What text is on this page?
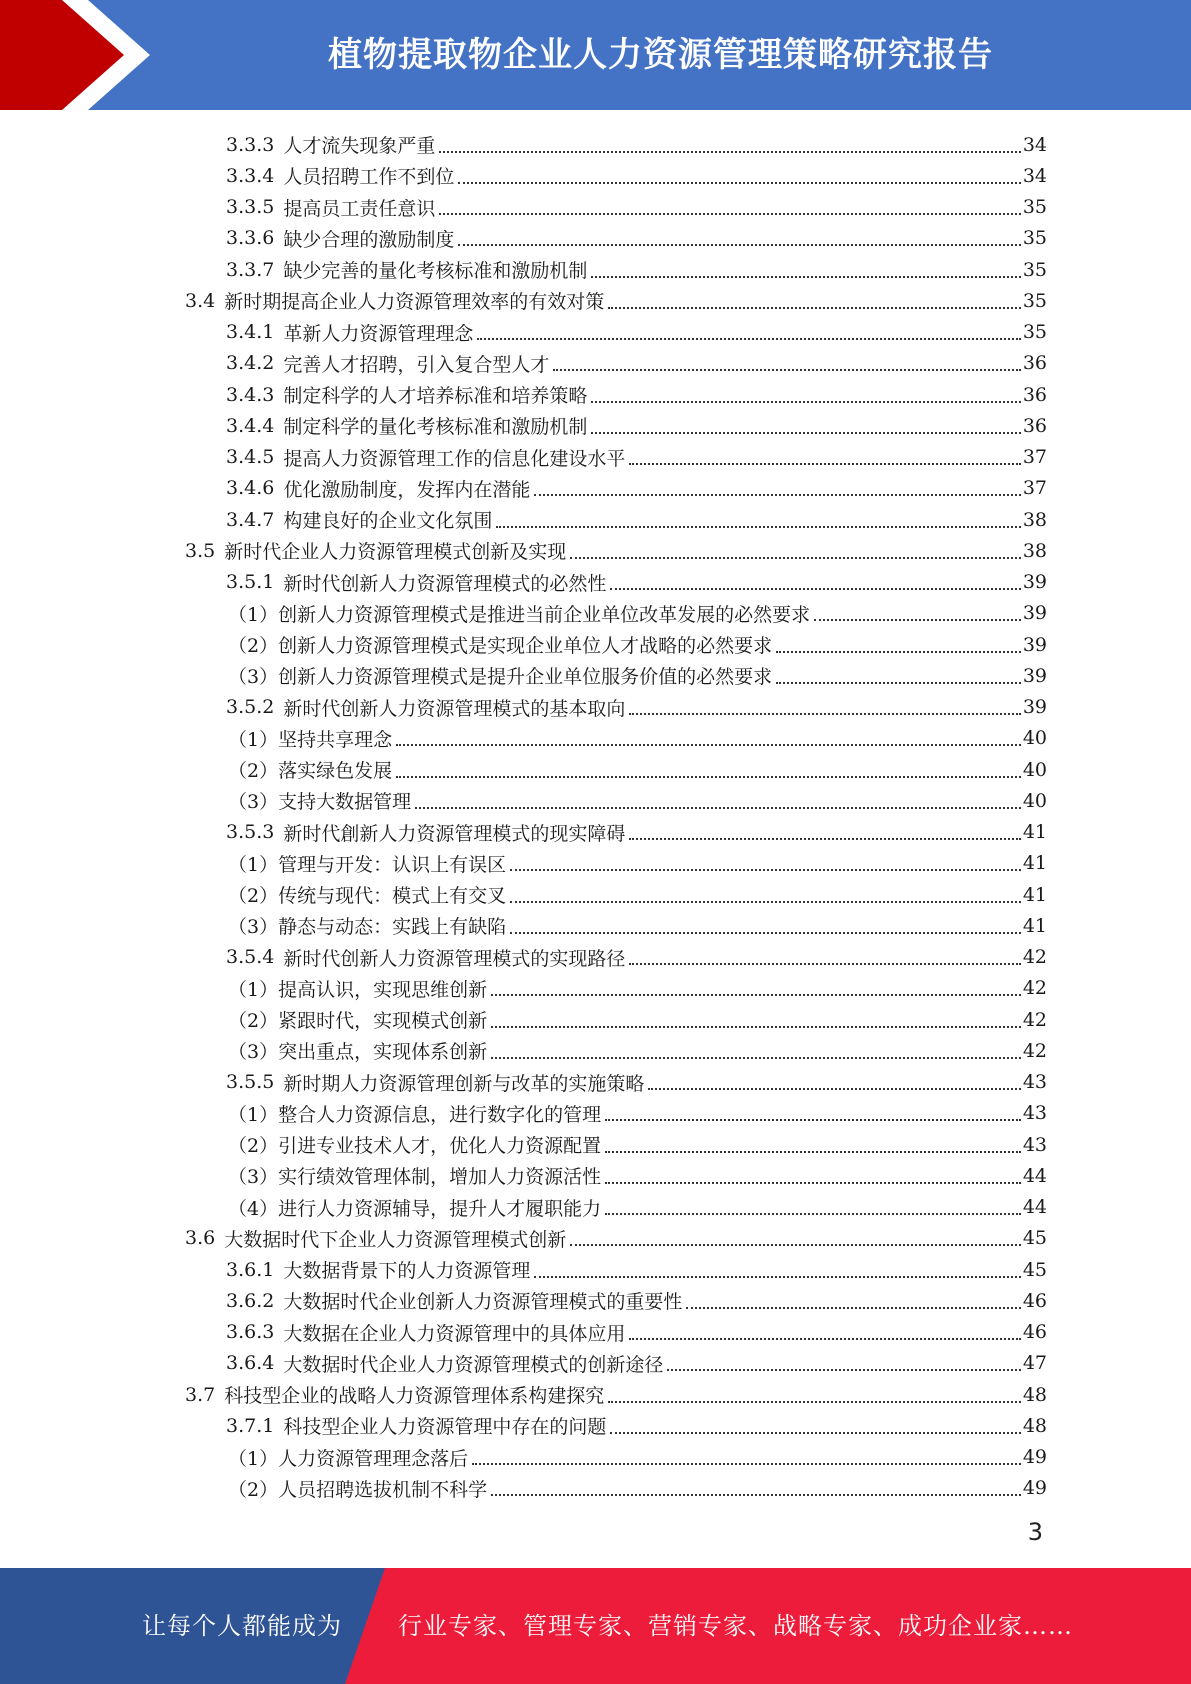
植物提取物企业人力资源管理策略研究报告
3.3.3 人才流失现象严重	34
3.3.4 人员招聘工作不到位	34
3.3.5 提高员工责任意识	35
3.3.6 缺少合理的激励制度	35
3.3.7 缺少完善的量化考核标准和激励机制	35
3.4 新时期提高企业人力资源管理效率的有效对策	35
3.4.1 革新人力资源管理理念	35
3.4.2 完善人才招聘，引入复合型人才	36
3.4.3 制定科学的人才培养标准和培养策略	36
3.4.4 制定科学的量化考核标准和激励机制	36
3.4.5 提高人力资源管理工作的信息化建设水平	37
3.4.6 优化激励制度，发挥内在潜能	37
3.4.7 构建良好的企业文化氛围	38
3.5 新时代企业人力资源管理模式创新及实现	38
3.5.1 新时代创新人力资源管理模式的必然性	39
（1）创新人力资源管理模式是推进当前企业单位改革发展的必然要求	39
（2）创新人力资源管理模式是实现企业单位人才战略的必然要求	39
（3）创新人力资源管理模式是提升企业单位服务价值的必然要求	39
3.5.2 新时代创新人力资源管理模式的基本取向	39
（1）坚持共享理念	40
（2）落实绿色发展	40
（3）支持大数据管理	40
3.5.3 新时代創新人力资源管理模式的现实障碍	41
（1）管理与开发：认识上有误区	41
（2）传统与现代：模式上有交叉	41
（3）静态与动态：实践上有缺陷	41
3.5.4 新时代创新人力资源管理模式的实现路径	42
（1）提高认识，实现思维创新	42
（2）紧跟时代，实现模式创新	42
（3）突出重点，实现体系创新	42
3.5.5 新时期人力资源管理创新与改革的实施策略	43
（1）整合人力资源信息，进行数字化的管理	43
（2）引进专业技术人才，优化人力资源配置	43
（3）实行绩效管理体制，增加人力资源活性	44
（4）进行人力资源辅导，提升人才履职能力	44
3.6 大数据时代下企业人力资源管理模式创新	45
3.6.1 大数据背景下的人力资源管理	45
3.6.2 大数据时代企业创新人力资源管理模式的重要性	46
3.6.3 大数据在企业人力资源管理中的具体应用	46
3.6.4 大数据时代企业人力资源管理模式的创新途径	47
3.7 科技型企业的战略人力资源管理体系构建探究	48
3.7.1 科技型企业人力资源管理中存在的问题	48
（1）人力资源管理理念落后	49
（2）人员招聘选拔机制不科学	49
3
让每个人都能成为 行业专家、管理专家、营销专家、战略专家、成功企业家……
